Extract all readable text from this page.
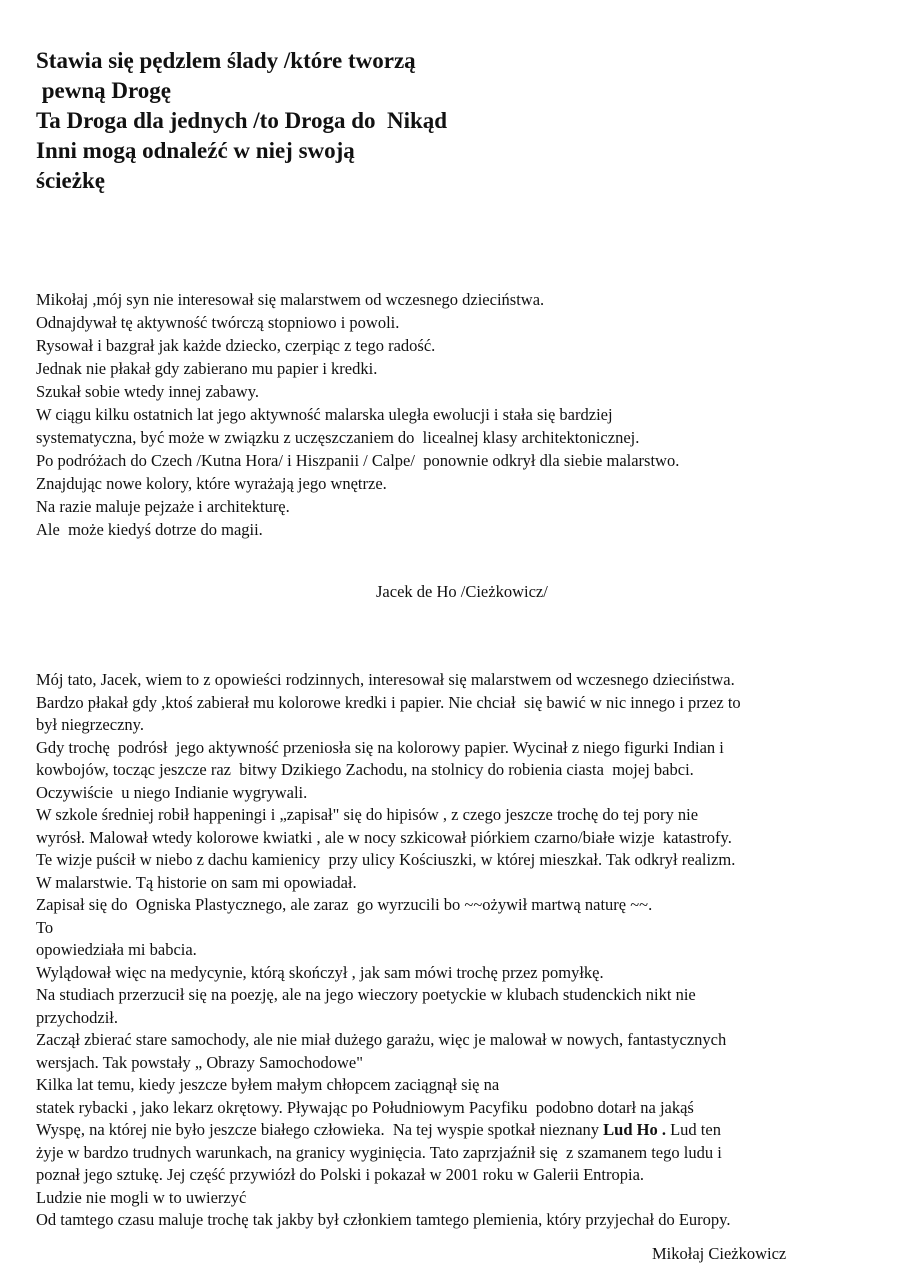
Stawia się pędzlem ślady /które tworzą
pewną Drogę
Ta Droga dla jednych /to Droga do  Nikąd
Inni mogą odnaleźć w niej swoją
ścieżkę
Mikołaj ,mój syn nie interesował się malarstwem od wczesnego dzieciństwa.
Odnajdywał tę aktywność twórczą stopniowo i powoli.
Rysował i bazgrał jak każde dziecko, czerpiąc z tego radość.
Jednak nie płakał gdy zabierano mu papier i kredki.
Szukał sobie wtedy innej zabawy.
W ciągu kilku ostatnich lat jego aktywność malarska uległa ewolucji i stała się bardziej
systematyczna, być może w związku z uczęszczaniem do  licealnej klasy architektonicznej.
Po podróżach do Czech /Kutna Hora/ i Hiszpanii / Calpe/  ponownie odkrył dla siebie malarstwo.
Znajdując nowe kolory, które wyrażają jego wnętrze.
Na razie maluje pejzaże i architekturę.
Ale  może kiedyś dotrze do magii.
Jacek de Ho /Cieżkowicz/
Mój tato, Jacek, wiem to z opowieści rodzinnych, interesował się malarstwem od wczesnego dzieciństwa.
Bardzo płakał gdy ,ktoś zabierał mu kolorowe kredki i papier. Nie chciał  się bawić w nic innego i przez to
był niegrzeczny.
Gdy trochę  podrósł  jego aktywność przeniosła się na kolorowy papier. Wycinał z niego figurki Indian i
kowbojów, tocząc jeszcze raz  bitwy Dzikiego Zachodu, na stolnicy do robienia ciasta  mojej babci.
Oczywiście  u niego Indianie wygrywali.
W szkole średniej robił happeningi i „zapisał" się do hipisów , z czego jeszcze trochę do tej pory nie
wyrósł. Malował wtedy kolorowe kwiatki , ale w nocy szkicował piórkiem czarno/białe wizje  katastrofy.
Te wizje puścił w niebo z dachu kamienicy  przy ulicy Kościuszki, w której mieszkał. Tak odkrył realizm.
W malarstwie. Tą historie on sam mi opowiadał.
Zapisał się do  Ogniska Plastycznego, ale zaraz  go wyrzucili bo ~~ożywił martwą naturę ~~.
To
opowiedziała mi babcia.
Wylądował więc na medycynie, którą skończył , jak sam mówi trochę przez pomyłkę.
Na studiach przerzucił się na poezję, ale na jego wieczory poetyckie w klubach studenckich nikt nie
przychodził.
Zaczął zbierać stare samochody, ale nie miał dużego garażu, więc je malował w nowych, fantastycznych
wersjach. Tak powstały „ Obrazy Samochodowe"
Kilka lat temu, kiedy jeszcze byłem małym chłopcem zaciągnął się na
statek rybacki , jako lekarz okrętowy. Pływając po Południowym Pacyfiku  podobno dotarł na jakąś
Wyspę, na której nie było jeszcze białego człowieka.  Na tej wyspie spotkał nieznany Lud Ho . Lud ten
żyje w bardzo trudnych warunkach, na granicy wyginięcia. Tato zaprzjaźnił się  z szamanem tego ludu i
poznał jego sztukę. Jej część przywiózł do Polski i pokazał w 2001 roku w Galerii Entropia.
Ludzie nie mogli w to uwierzyć
Od tamtego czasu maluje trochę tak jakby był członkiem tamtego plemienia, który przyjechał do Europy.
Mikołaj Cieżkowicz
